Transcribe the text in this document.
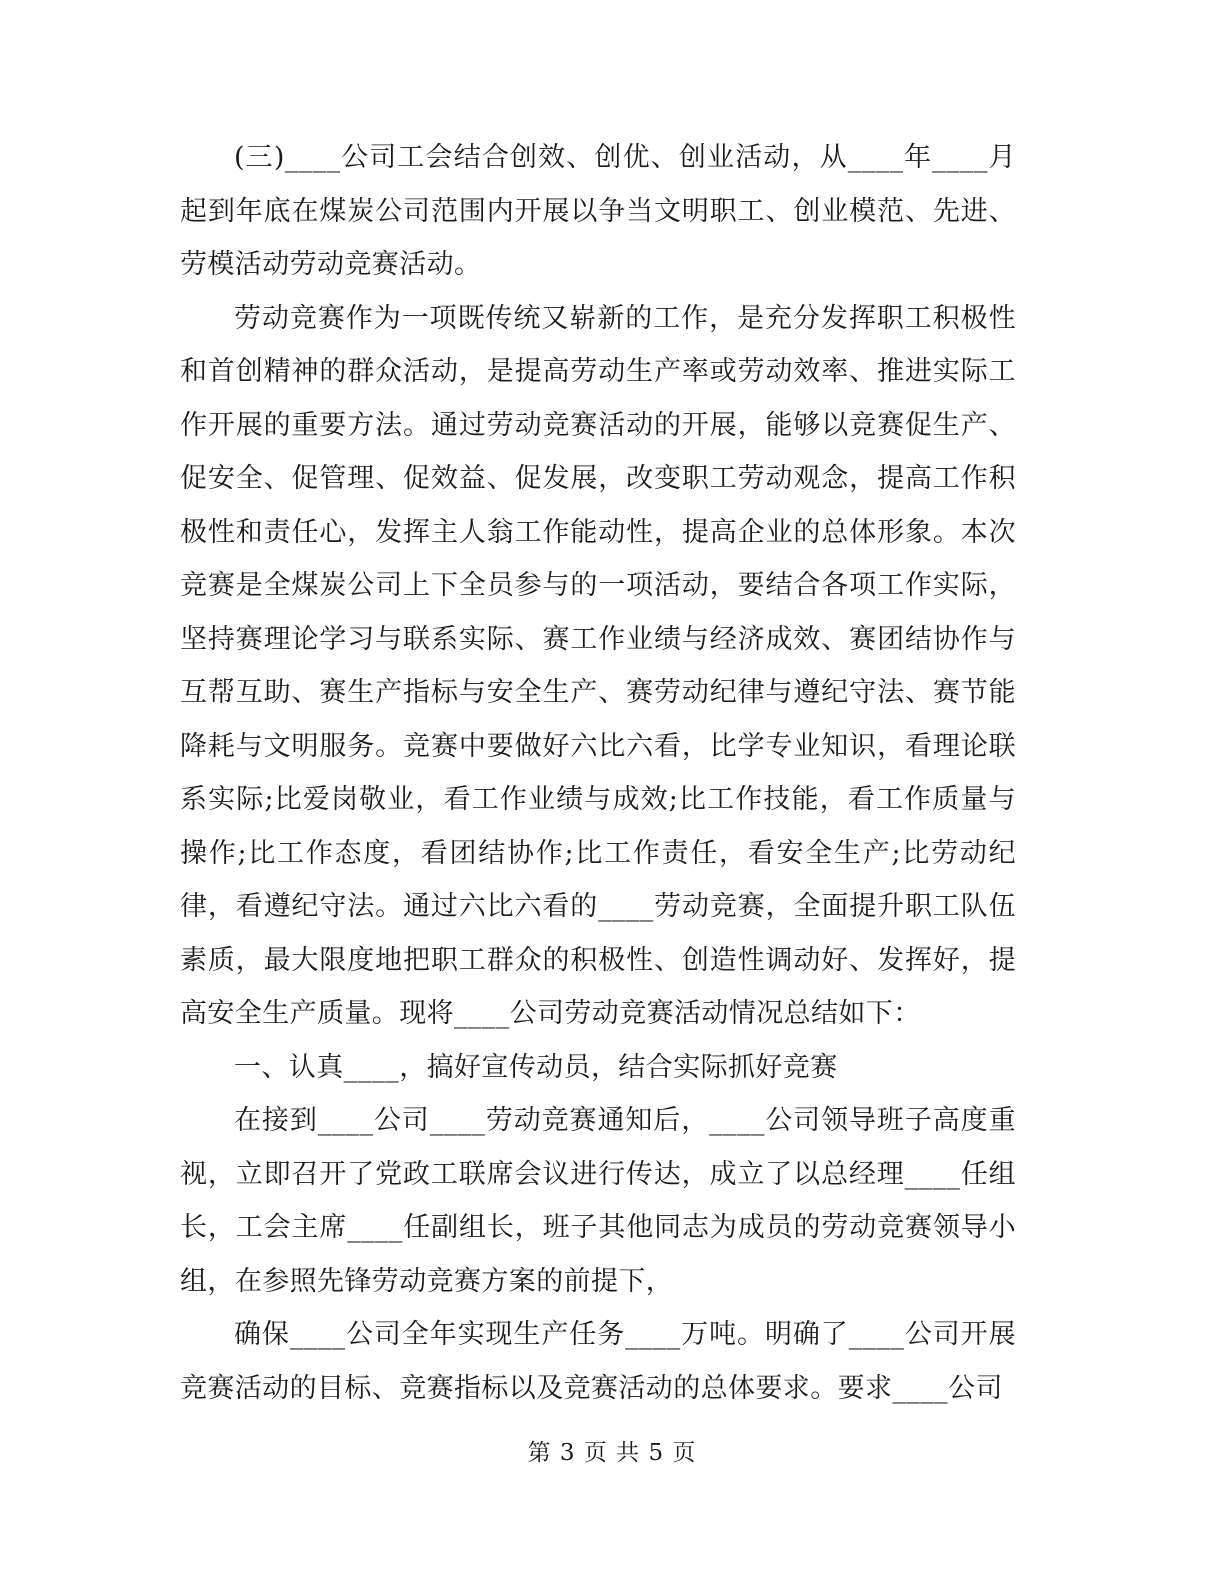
(三)____公司工会结合创效、创优、创业活动，从____年____月起到年底在煤炭公司范围内开展以争当文明职工、创业模范、先进、劳模活动劳动竞赛活动。

劳动竞赛作为一项既传统又崭新的工作，是充分发挥职工积极性和首创精神的群众活动，是提高劳动生产率或劳动效率、推进实际工作开展的重要方法。通过劳动竞赛活动的开展，能够以竞赛促生产、促安全、促管理、促效益、促发展，改变职工劳动观念，提高工作积极性和责任心，发挥主人翁工作能动性，提高企业的总体形象。本次竞赛是全煤炭公司上下全员参与的一项活动，要结合各项工作实际，坚持赛理论学习与联系实际、赛工作业绩与经济成效、赛团结协作与互帮互助、赛生产指标与安全生产、赛劳动纪律与遵纪守法、赛节能降耗与文明服务。竞赛中要做好六比六看，比学专业知识，看理论联系实际;比爱岗敬业，看工作业绩与成效;比工作技能，看工作质量与操作;比工作态度，看团结协作;比工作责任，看安全生产;比劳动纪律，看遵纪守法。通过六比六看的____劳动竞赛，全面提升职工队伍素质，最大限度地把职工群众的积极性、创造性调动好、发挥好，提高安全生产质量。现将____公司劳动竞赛活动情况总结如下：

一、认真____，搞好宣传动员，结合实际抓好竞赛

在接到____公司____劳动竞赛通知后，____公司领导班子高度重视，立即召开了党政工联席会议进行传达，成立了以总经理____任组长，工会主席____任副组长，班子其他同志为成员的劳动竞赛领导小组，在参照先锋劳动竞赛方案的前提下，

确保____公司全年实现生产任务____万吨。明确了____公司开展竞赛活动的目标、竞赛指标以及竞赛活动的总体要求。要求____公司

第 3 页 共 5 页
